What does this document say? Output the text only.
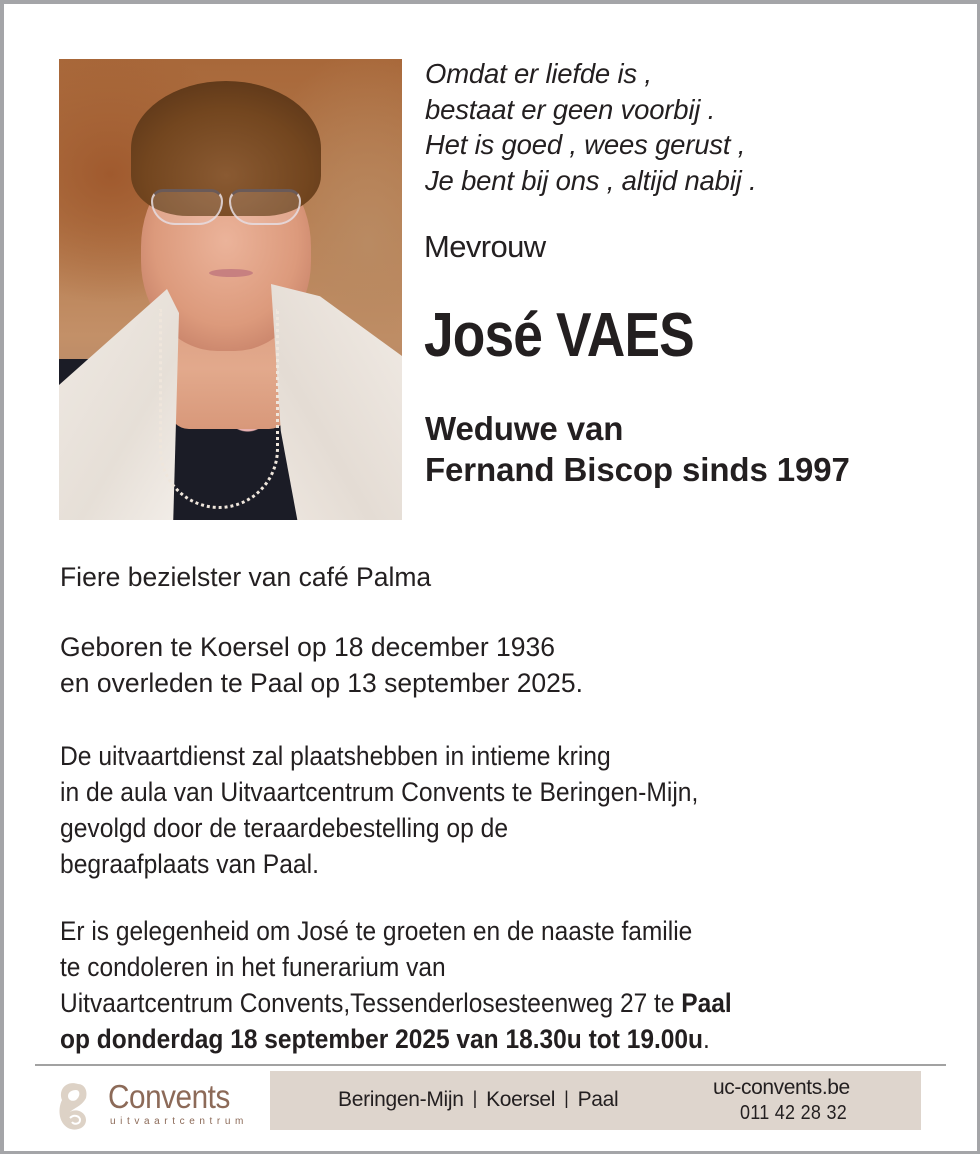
Omdat er liefde is ,
bestaat er geen voorbij .
Het is goed , wees gerust ,
Je bent bij ons , altijd nabij .
Mevrouw
José VAES
Weduwe van
Fernand Biscop sinds 1997
Fiere bezielster van café Palma
Geboren te Koersel op 18 december 1936
en overleden te Paal op 13 september 2025.
De uitvaartdienst zal plaatshebben in intieme kring
in de aula van Uitvaartcentrum Convents te Beringen-Mijn,
gevolgd door de teraardebestelling op de
begraafplaats van Paal.
Er is gelegenheid om José te groeten en de naaste familie
te condoleren in het funerarium van
Uitvaartcentrum Convents,Tessenderlosesteenweg 27 te Paal
op donderdag 18 september 2025 van 18.30u tot 19.00u.
Convents
uitvaartcentrum
Beringen-Mijn | Koersel | Paal
uc-convents.be
011 42 28 32
